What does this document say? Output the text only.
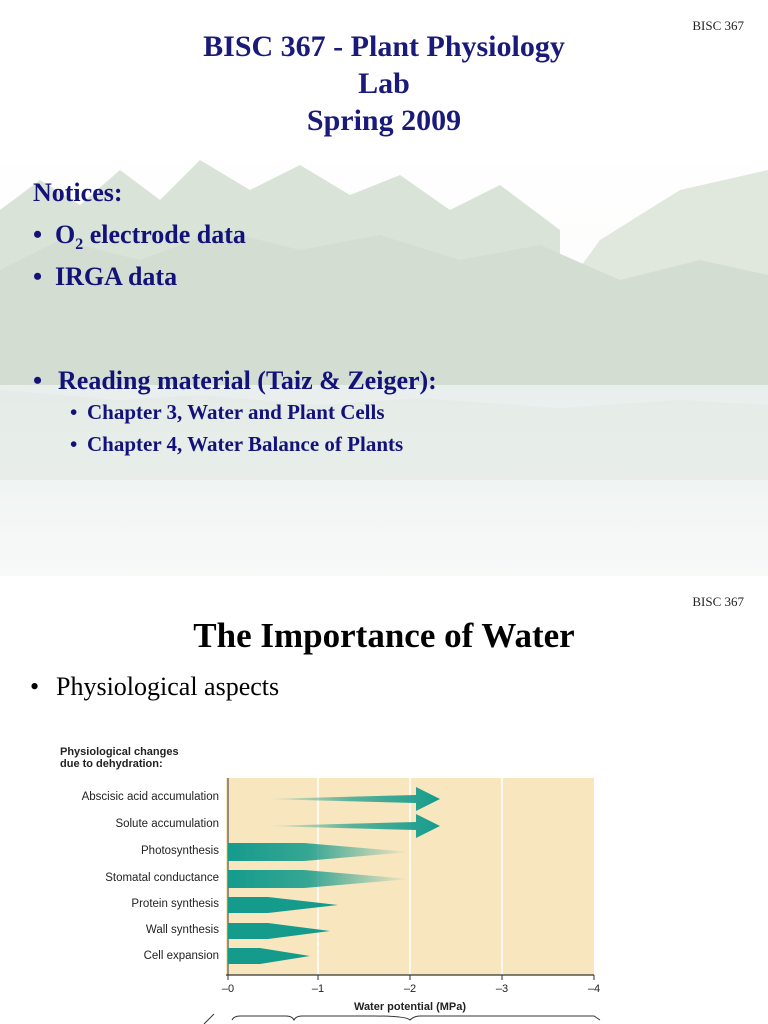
BISC 367
BISC 367 - Plant Physiology
Lab
Spring 2009
Notices:
• $O_2$ electrode data
• IRGA data
• Reading material (Taiz & Zeiger):
• Chapter 3, Water and Plant Cells
• Chapter 4, Water Balance of Plants
BISC 367
The Importance of Water
• Physiological aspects
Physiological changes
due to dehydration:
Abscisic acid accumulation
Solute accumulation
Photosynthesis
Stomatal conductance
Protein synthesis
Wall synthesis
Cell expansion
–0	–1	–2	–3	–4
Water potential (MPa)
